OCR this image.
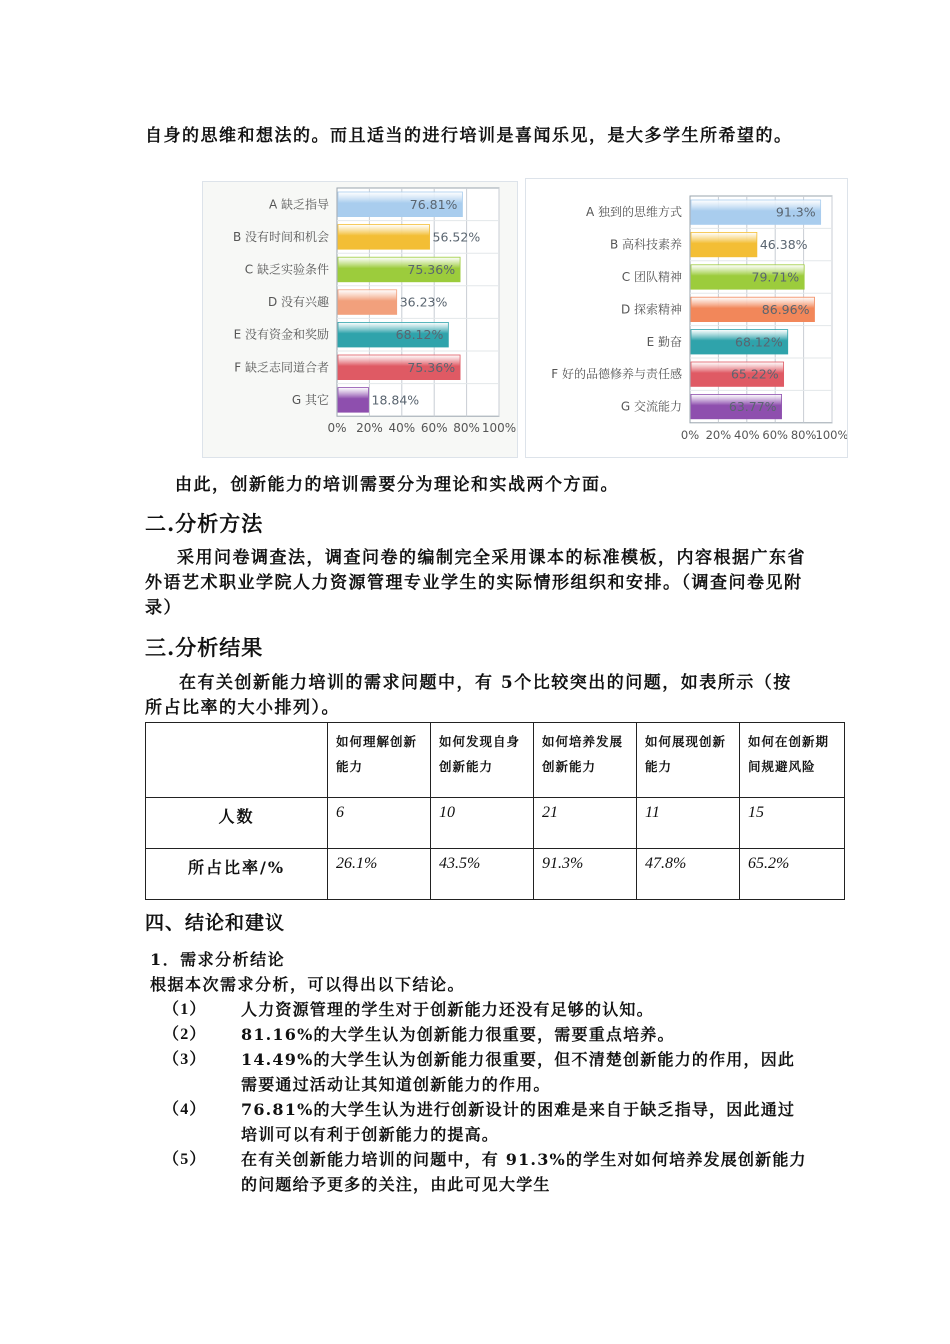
自身的思维和想法的。而且适当的进行培训是喜闻乐见，是大多学生所希望的。

A 缺乏指导	76.81%
B 没有时间和机会	56.52%
C 缺乏实验条件	75.36%
D 没有兴趣	36.23%
E 没有资金和奖励	68.12%
F 缺乏志同道合者	75.36%
G 其它	18.84%
0% 20% 40% 60% 80% 100%
A 独到的思维方式	91.3%
B 高科技素养	46.38%
C 团队精神	79.71%
D 探索精神	86.96%
E 勤奋	68.12%
F 好的品德修养与责任感	65.22%
G 交流能力	63.77%
0% 20% 40% 60% 80% 100%

由此，创新能力的培训需要分为理论和实战两个方面。

二.分析方法

采用问卷调查法，调查问卷的编制完全采用课本的标准模板，内容根据广东省外语艺术职业学院人力资源管理专业学生的实际情形组织和安排。（调查问卷见附录）

三.分析结果

在有关创新能力培训的需求问题中，有 5个比较突出的问题，如表所示（按所占比率的大小排列）。

	如何理解创新能力	如何发现自身创新能力	如何培养发展创新能力	如何展现创新能力	如何在创新期间规避风险
人数	6	10	21	11	15
所占比率/%	26.1%	43.5%	91.3%	47.8%	65.2%
四、结论和建议

1．需求分析结论

根据本次需求分析，可以得出以下结论。

（1） 人力资源管理的学生对于创新能力还没有足够的认知。
（2） 81.16%的大学生认为创新能力很重要，需要重点培养。
（3） 14.49%的大学生认为创新能力很重要，但不清楚创新能力的作用，因此需要通过活动让其知道创新能力的作用。
（4） 76.81%的大学生认为进行创新设计的困难是来自于缺乏指导，因此通过培训可以有利于创新能力的提高。
（5） 在有关创新能力培训的问题中，有 91.3%的学生对如何培养发展创新能力的问题给予更多的关注，由此可见大学生
